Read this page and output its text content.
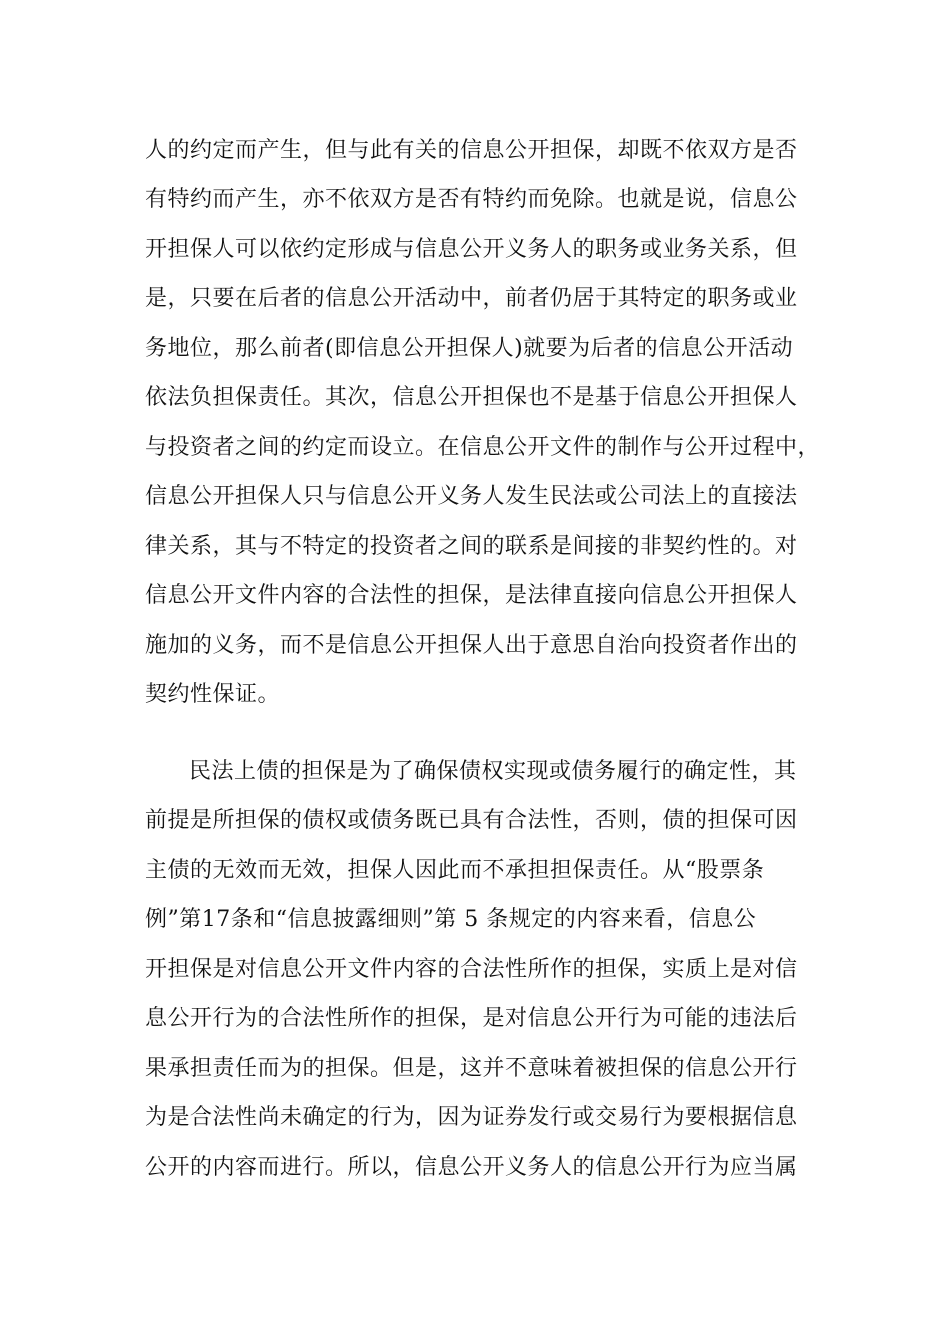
人的约定而产生，但与此有关的信息公开担保，却既不依双方是否
有特约而产生，亦不依双方是否有特约而免除。也就是说，信息公
开担保人可以依约定形成与信息公开义务人的职务或业务关系，但
是，只要在后者的信息公开活动中，前者仍居于其特定的职务或业
务地位，那么前者(即信息公开担保人)就要为后者的信息公开活动
依法负担保责任。其次，信息公开担保也不是基于信息公开担保人
与投资者之间的约定而设立。在信息公开文件的制作与公开过程中，
信息公开担保人只与信息公开义务人发生民法或公司法上的直接法
律关系，其与不特定的投资者之间的联系是间接的非契约性的。对
信息公开文件内容的合法性的担保，是法律直接向信息公开担保人
施加的义务，而不是信息公开担保人出于意思自治向投资者作出的
契约性保证。
民法上债的担保是为了确保债权实现或债务履行的确定性，其
前提是所担保的债权或债务既已具有合法性，否则，债的担保可因
主债的无效而无效，担保人因此而不承担担保责任。从“股票条
例”第17条和“信息披露细则”第 5 条规定的内容来看，信息公
开担保是对信息公开文件内容的合法性所作的担保，实质上是对信
息公开行为的合法性所作的担保，是对信息公开行为可能的违法后
果承担责任而为的担保。但是，这并不意味着被担保的信息公开行
为是合法性尚未确定的行为，因为证券发行或交易行为要根据信息
公开的内容而进行。所以，信息公开义务人的信息公开行为应当属
